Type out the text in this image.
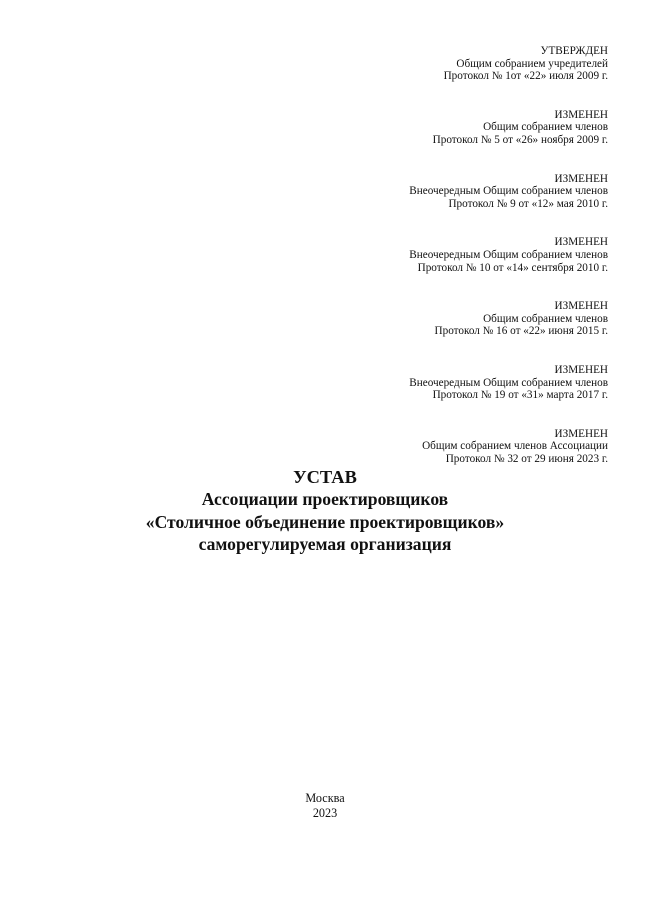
УТВЕРЖДЕН
Общим собранием учредителей
Протокол № 1от «22» июля 2009 г.
ИЗМЕНЕН
Общим собранием членов
Протокол № 5 от «26» ноября 2009 г.
ИЗМЕНЕН
Внеочередным Общим собранием членов
Протокол № 9 от «12» мая 2010 г.
ИЗМЕНЕН
Внеочередным Общим собранием членов
Протокол № 10 от «14» сентября 2010 г.
ИЗМЕНЕН
Общим собранием членов
Протокол № 16 от «22» июня 2015 г.
ИЗМЕНЕН
Внеочередным Общим собранием членов
Протокол № 19 от «31» марта 2017 г.
ИЗМЕНЕН
Общим собранием членов Ассоциации
Протокол № 32 от 29 июня 2023 г.
УСТАВ
Ассоциации проектировщиков
«Столичное объединение проектировщиков»
саморегулируемая организация
Москва
2023
